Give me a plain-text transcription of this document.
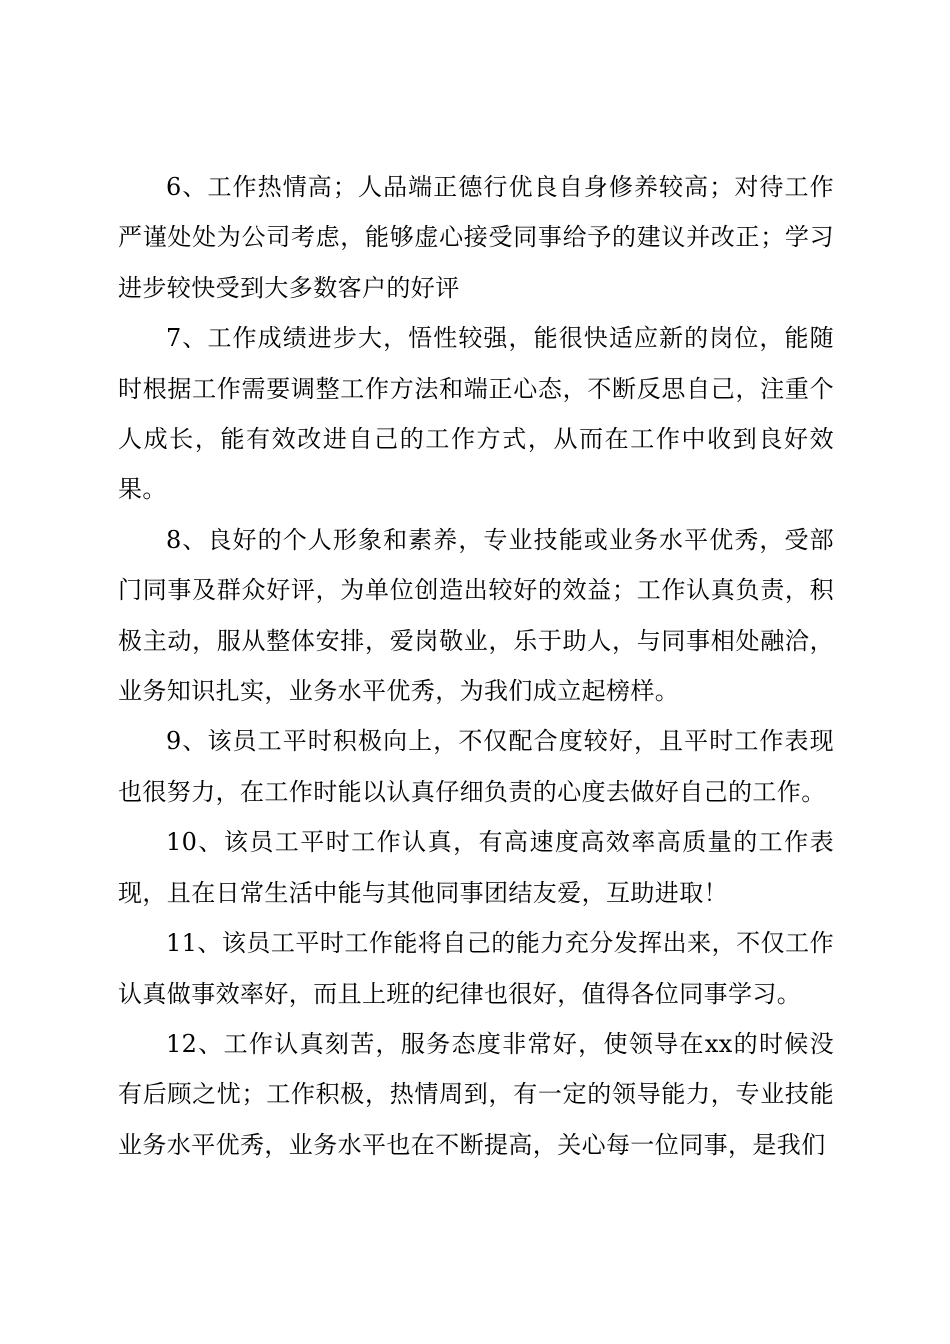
6、工作热情高；人品端正德行优良自身修养较高；对待工作严谨处处为公司考虑，能够虚心接受同事给予的建议并改正；学习进步较快受到大多数客户的好评

7、工作成绩进步大，悟性较强，能很快适应新的岗位，能随时根据工作需要调整工作方法和端正心态，不断反思自己，注重个人成长，能有效改进自己的工作方式，从而在工作中收到良好效果。

8、良好的个人形象和素养，专业技能或业务水平优秀，受部门同事及群众好评，为单位创造出较好的效益；工作认真负责，积极主动，服从整体安排，爱岗敬业，乐于助人，与同事相处融洽，业务知识扎实，业务水平优秀，为我们成立起榜样。

9、该员工平时积极向上，不仅配合度较好，且平时工作表现也很努力，在工作时能以认真仔细负责的心度去做好自己的工作。

10、该员工平时工作认真，有高速度高效率高质量的工作表现，且在日常生活中能与其他同事团结友爱，互助进取！

11、该员工平时工作能将自己的能力充分发挥出来，不仅工作认真做事效率好，而且上班的纪律也很好，值得各位同事学习。

12、工作认真刻苦，服务态度非常好，使领导在xx的时候没有后顾之忧；工作积极，热情周到，有一定的领导能力，专业技能业务水平优秀，业务水平也在不断提高，关心每一位同事，是我们
